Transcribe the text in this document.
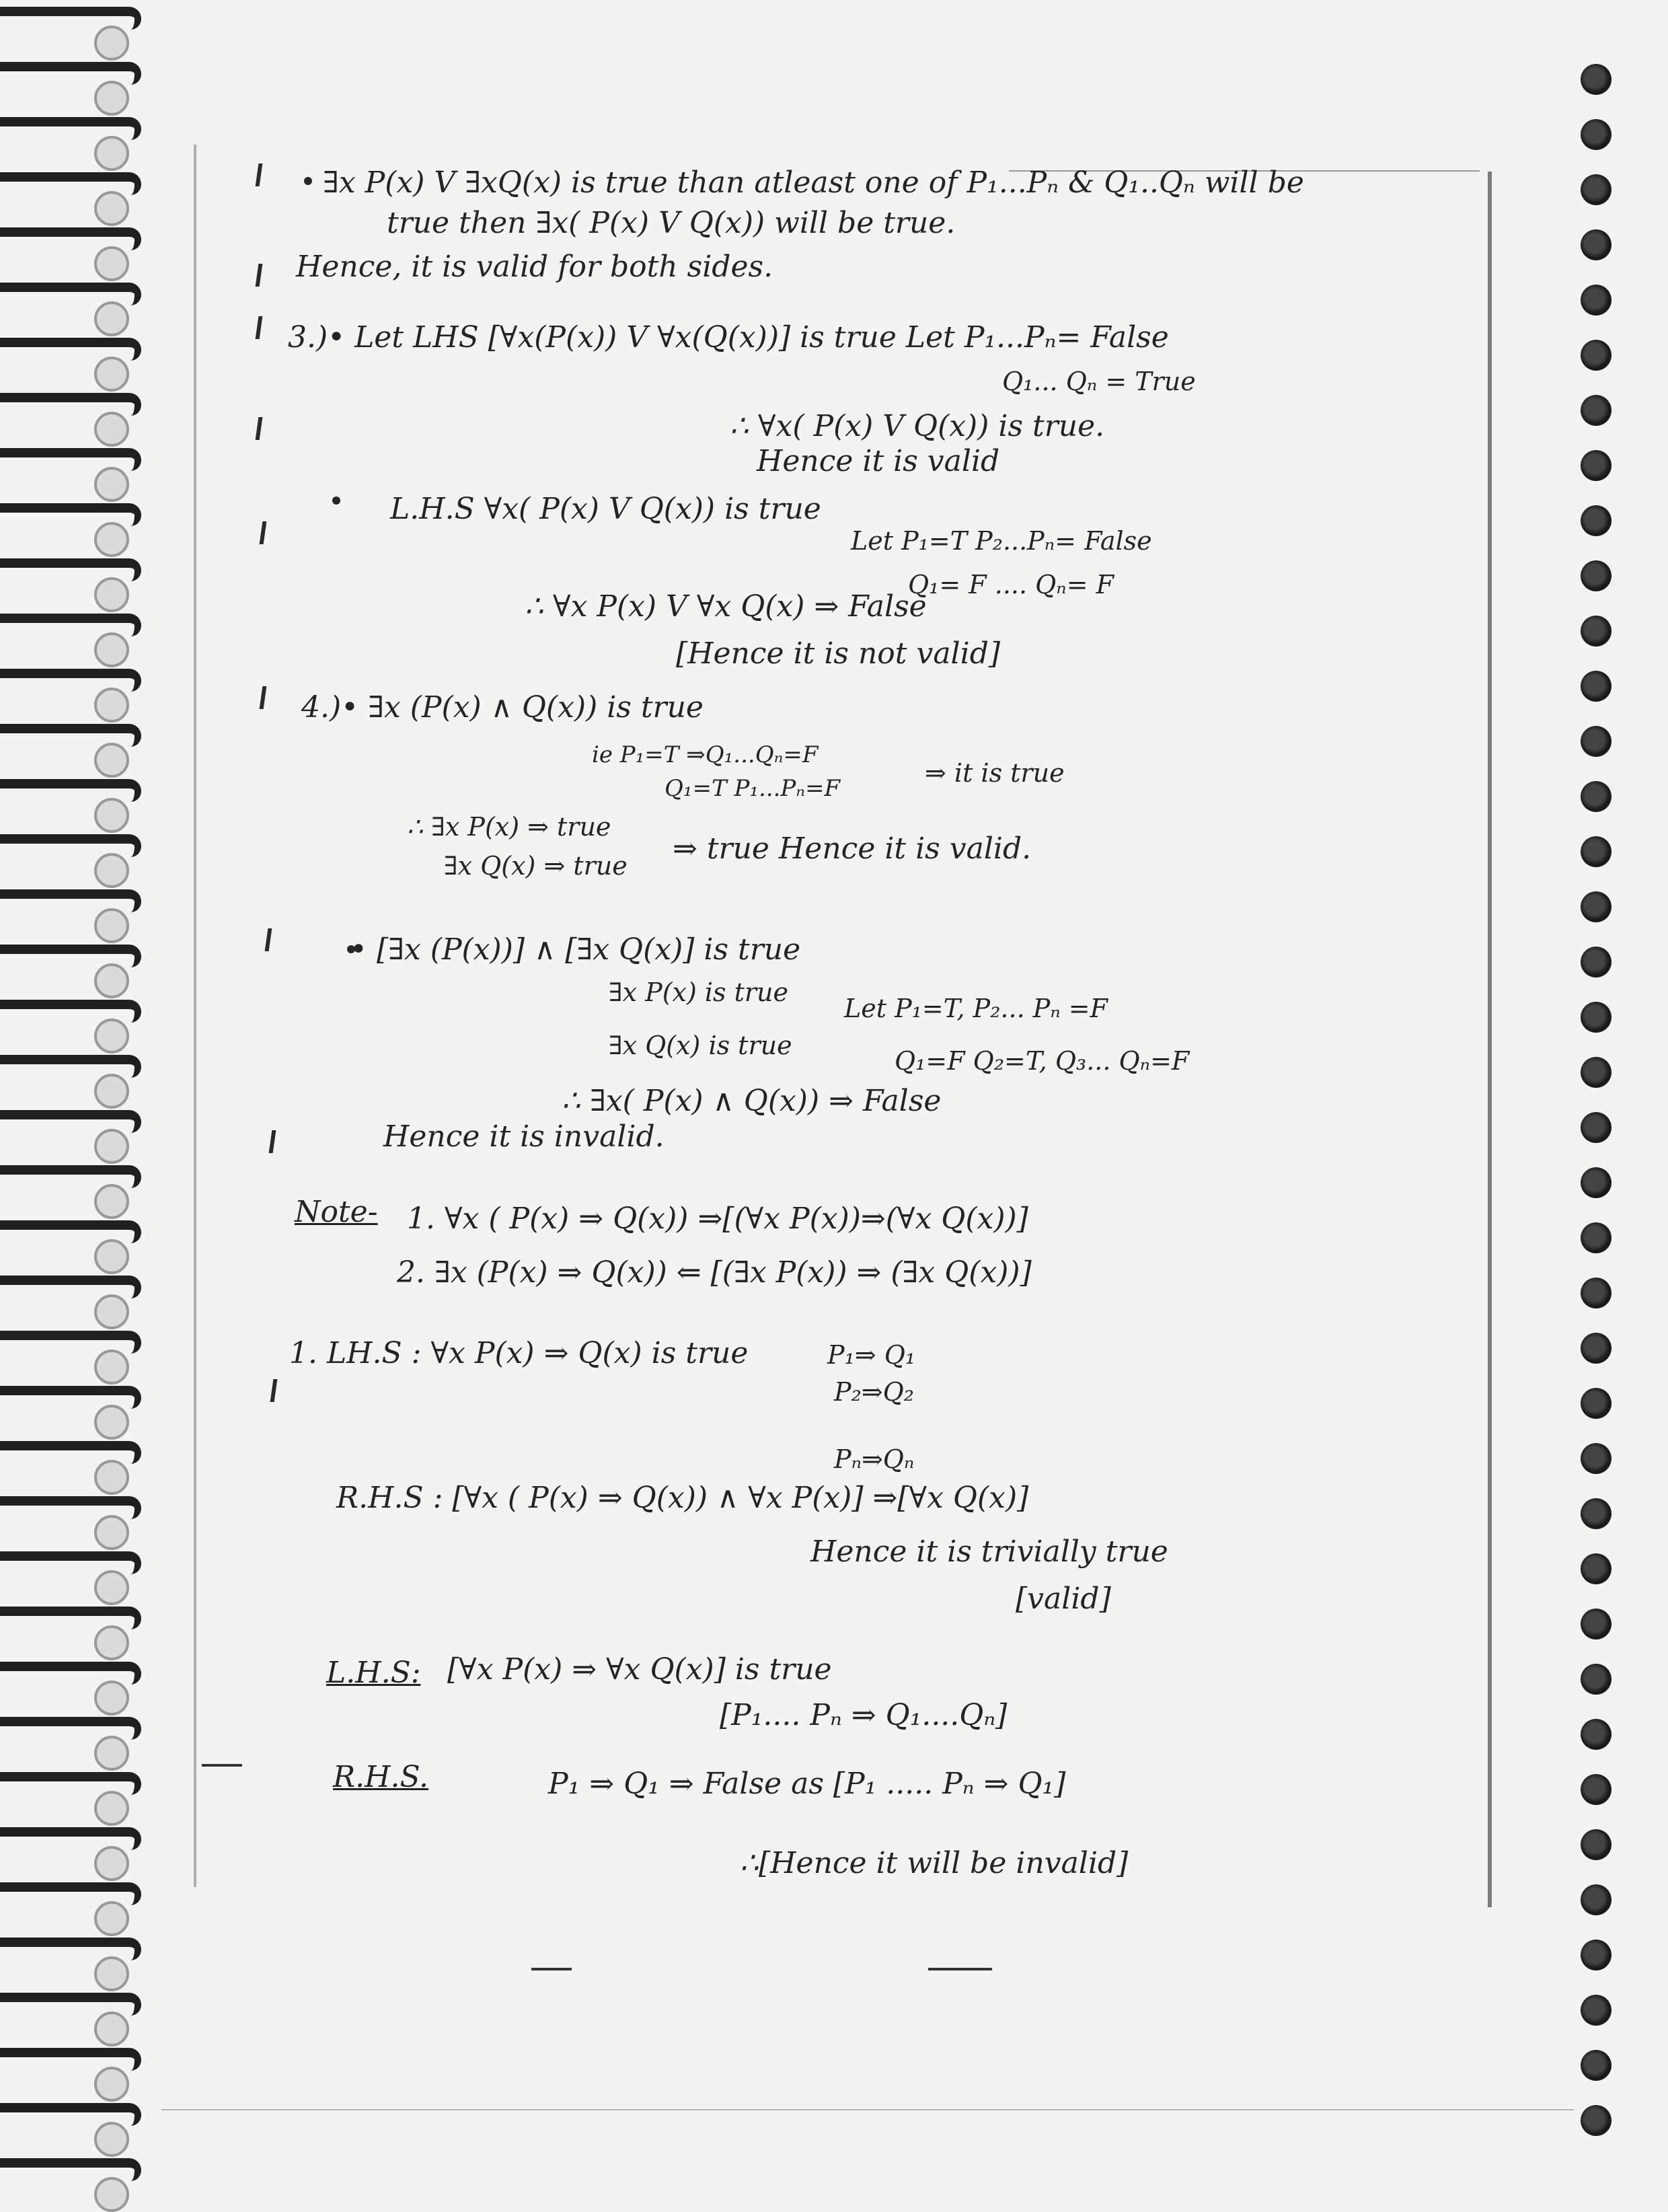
∃x P(x) V ∃xQ(x) is true than atleast one of P₁...Pₙ & Q₁..Qₙ will be
true then ∃x( P(x) V Q(x)) will be true.
Hence, it is valid for both sides.
3.)• Let LHS [∀x(P(x)) V ∀x(Q(x))] is true Let P₁...Pₙ= False
Q₁... Qₙ = True
∴ ∀x( P(x) V Q(x)) is true.
Hence it is valid
L.H.S ∀x( P(x) V Q(x)) is true
Let P₁=T P₂...Pₙ= False
Q₁= F .... Qₙ= F
∴ ∀x P(x) V ∀x Q(x) ⇒ False
[Hence it is not valid]
4.)• ∃x (P(x) ∧ Q(x)) is true
ie P₁=T ⇒Q₁...Qₙ=F
Q₁=T P₁...Pₙ=F
⇒ it is true
∴ ∃x P(x) ⇒ true
∃x Q(x) ⇒ true ⇒ true Hence it is valid.
• [∃x (P(x))] ∧ [∃x Q(x)] is true
∃x P(x) is true
Let P₁=T, P₂... Pₙ =F
∃x Q(x) is true
Q₁=F Q₂=T, Q₃... Qₙ=F
∴ ∃x( P(x) ∧ Q(x)) ⇒ False
Hence it is invalid.
Note- 1. ∀x ( P(x) ⇒ Q(x)) ⇒[(∀x P(x))⇒(∀x Q(x))]
2. ∃x (P(x) ⇒ Q(x)) ⇐ [(∃x P(x)) ⇒ (∃x Q(x))]
1. LH.S : ∀x P(x) ⇒ Q(x) is true	P₁⇒ Q₁
P₂⇒Q₂
Pₙ⇒Qₙ
R.H.S : [∀x ( P(x) ⇒ Q(x)) ∧ ∀x P(x)] ⇒[∀x Q(x)]
Hence it is trivially true
[valid]
L.H.S: [∀x P(x) ⇒ ∀x Q(x)] is true
[P₁.... Pₙ ⇒ Q₁....Qₙ]
R.H.S.	P₁ ⇒ Q₁ ⇒ False as [P₁ ..... Pₙ ⇒ Q₁]
∴[Hence it will be invalid]
